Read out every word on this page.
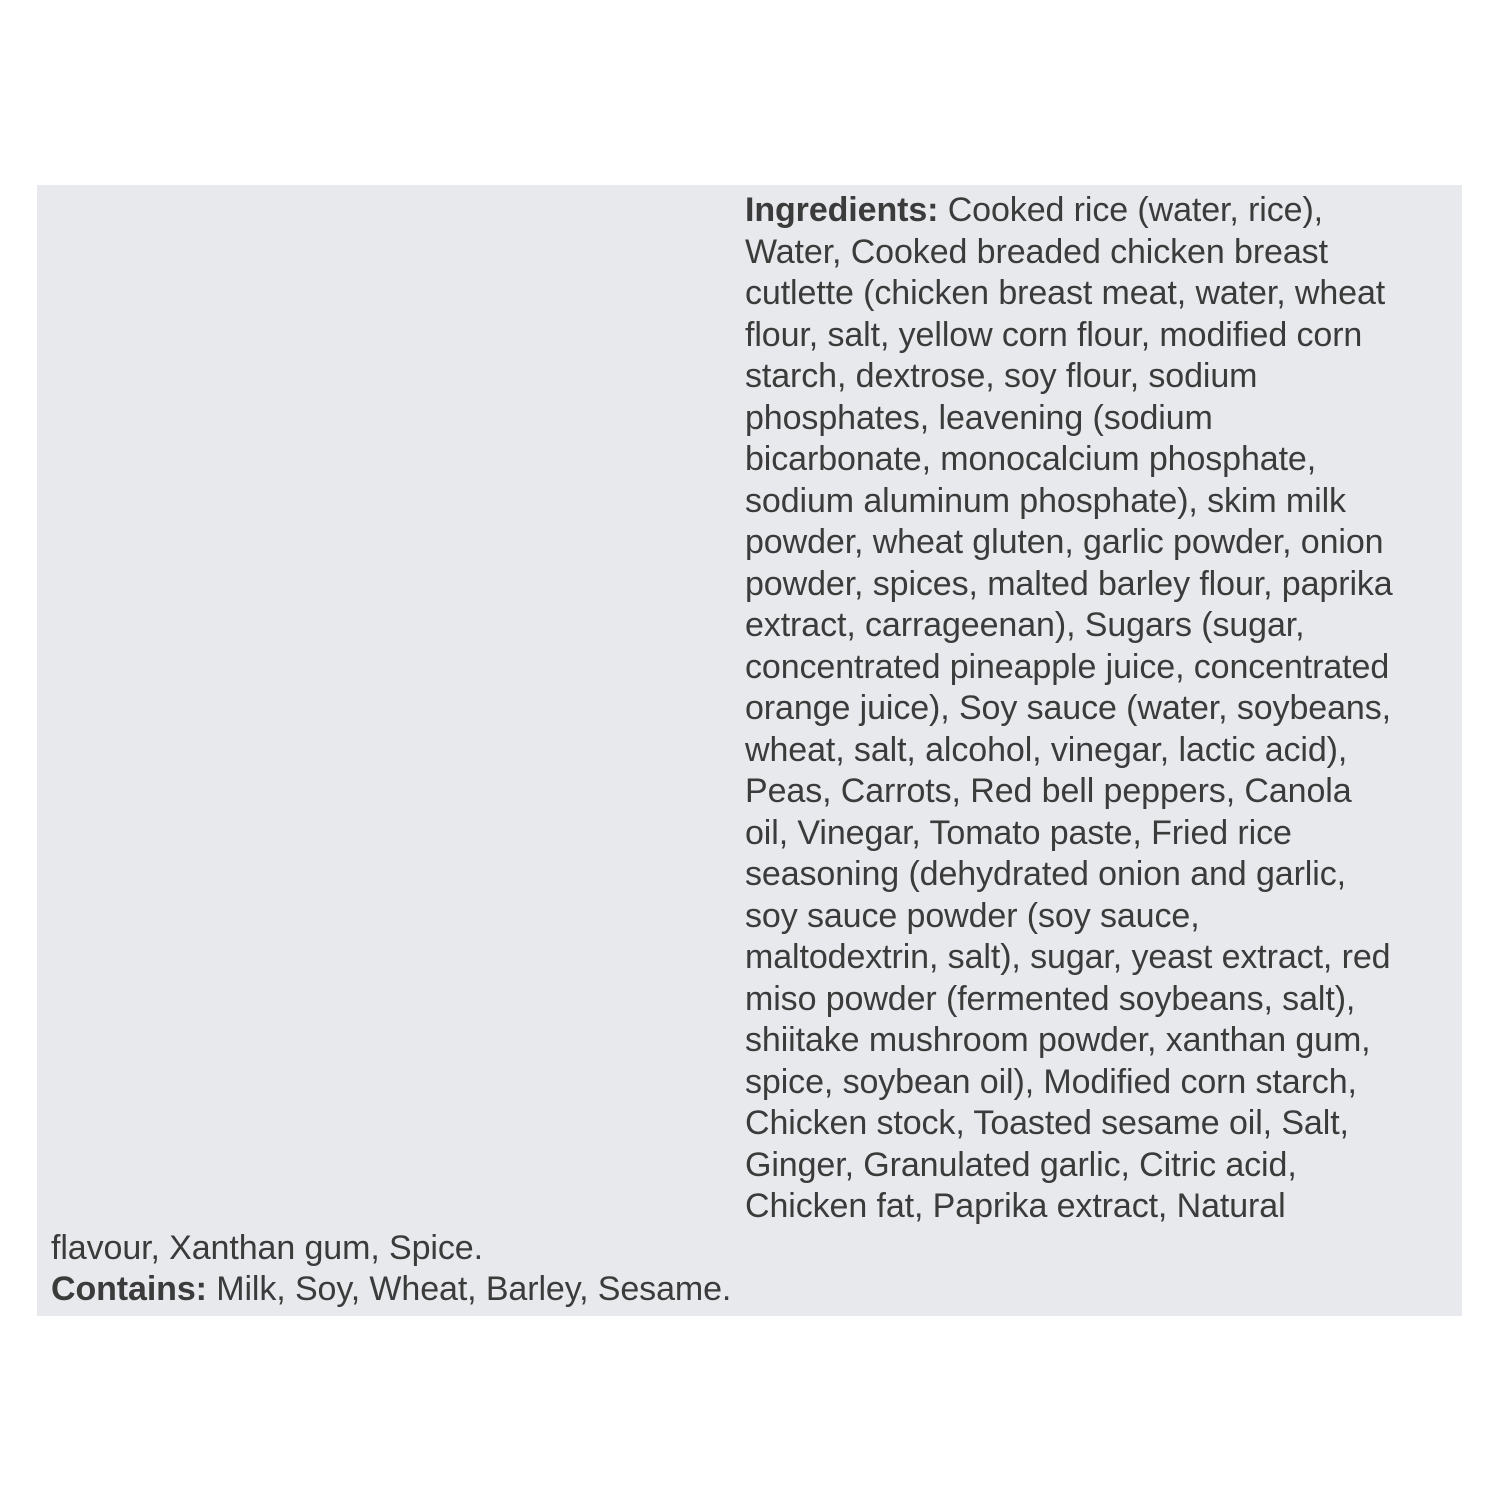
Ingredients: Cooked rice (water, rice),
Water, Cooked breaded chicken breast
cutlette (chicken breast meat, water, wheat
flour, salt, yellow corn flour, modified corn
starch, dextrose, soy flour, sodium
phosphates, leavening (sodium
bicarbonate, monocalcium phosphate,
sodium aluminum phosphate), skim milk
powder, wheat gluten, garlic powder, onion
powder, spices, malted barley flour, paprika
extract, carrageenan), Sugars (sugar,
concentrated pineapple juice, concentrated
orange juice), Soy sauce (water, soybeans,
wheat, salt, alcohol, vinegar, lactic acid),
Peas, Carrots, Red bell peppers, Canola
oil, Vinegar, Tomato paste, Fried rice
seasoning (dehydrated onion and garlic,
soy sauce powder (soy sauce,
maltodextrin, salt), sugar, yeast extract, red
miso powder (fermented soybeans, salt),
shiitake mushroom powder, xanthan gum,
spice, soybean oil), Modified corn starch,
Chicken stock, Toasted sesame oil, Salt,
Ginger, Granulated garlic, Citric acid,
Chicken fat, Paprika extract, Natural
flavour, Xanthan gum, Spice.
Contains: Milk, Soy, Wheat, Barley, Sesame.
